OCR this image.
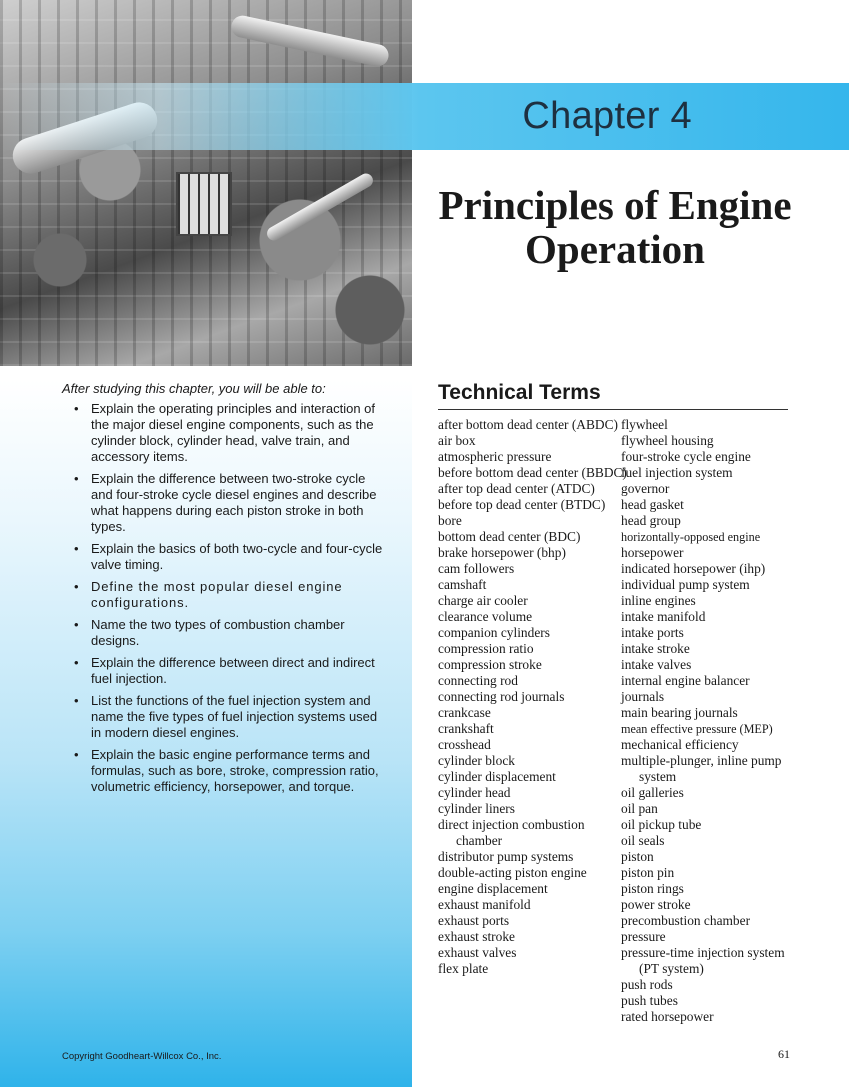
Chapter 4
Principles of Engine
Operation
After studying this chapter, you will be able to:
• Explain the operating principles and interaction of the major diesel engine components, such as the cylinder block, cylinder head, valve train, and accessory items.
• Explain the difference between two-stroke cycle and four-stroke cycle diesel engines and describe what happens during each piston stroke in both types.
• Explain the basics of both two-cycle and four-cycle valve timing.
• Define the most popular diesel engine configurations.
• Name the two types of combustion chamber designs.
• Explain the difference between direct and indirect fuel injection.
• List the functions of the fuel injection system and name the five types of fuel injection systems used in modern diesel engines.
• Explain the basic engine performance terms and formulas, such as bore, stroke, compression ratio, volumetric efficiency, horsepower, and torque.
Technical Terms
after bottom dead center (ABDC)
air box
atmospheric pressure
before bottom dead center (BBDC)
after top dead center (ATDC)
before top dead center (BTDC)
bore
bottom dead center (BDC)
brake horsepower (bhp)
cam followers
camshaft
charge air cooler
clearance volume
companion cylinders
compression ratio
compression stroke
connecting rod
connecting rod journals
crankcase
crankshaft
crosshead
cylinder block
cylinder displacement
cylinder head
cylinder liners
direct injection combustion chamber
distributor pump systems
double-acting piston engine
engine displacement
exhaust manifold
exhaust ports
exhaust stroke
exhaust valves
flex plate
flywheel
flywheel housing
four-stroke cycle engine
fuel injection system
governor
head gasket
head group
horizontally-opposed engine
horsepower
indicated horsepower (ihp)
individual pump system
inline engines
intake manifold
intake ports
intake stroke
intake valves
internal engine balancer
journals
main bearing journals
mean effective pressure (MEP)
mechanical efficiency
multiple-plunger, inline pump system
oil galleries
oil pan
oil pickup tube
oil seals
piston
piston pin
piston rings
power stroke
precombustion chamber
pressure
pressure-time injection system (PT system)
push rods
push tubes
rated horsepower
Copyright Goodheart-Willcox Co., Inc.	61
